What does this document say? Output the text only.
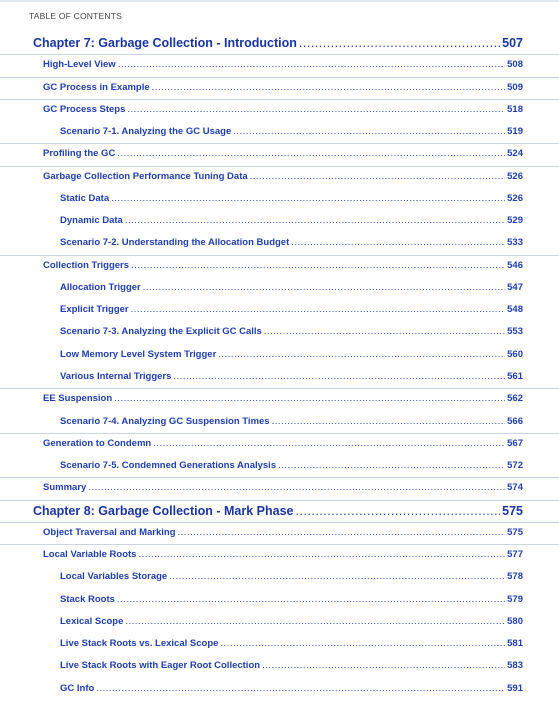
TABLE OF CONTENTS
Chapter 7: Garbage Collection - Introduction .....	507
High-Level View .....	508
GC Process in Example .....	509
GC Process Steps .....	518
Scenario 7-1. Analyzing the GC Usage .....	519
Profiling the GC .....	524
Garbage Collection Performance Tuning Data .....	526
Static Data .....	526
Dynamic Data .....	529
Scenario 7-2. Understanding the Allocation Budget .....	533
Collection Triggers .....	546
Allocation Trigger .....	547
Explicit Trigger .....	548
Scenario 7-3. Analyzing the Explicit GC Calls .....	553
Low Memory Level System Trigger .....	560
Various Internal Triggers .....	561
EE Suspension .....	562
Scenario 7-4. Analyzing GC Suspension Times .....	566
Generation to Condemn .....	567
Scenario 7-5. Condemned Generations Analysis .....	572
Summary .....	574
Chapter 8: Garbage Collection - Mark Phase .....	575
Object Traversal and Marking .....	575
Local Variable Roots .....	577
Local Variables Storage .....	578
Stack Roots .....	579
Lexical Scope .....	580
Live Stack Roots vs. Lexical Scope .....	581
Live Stack Roots with Eager Root Collection .....	583
GC Info .....	591
